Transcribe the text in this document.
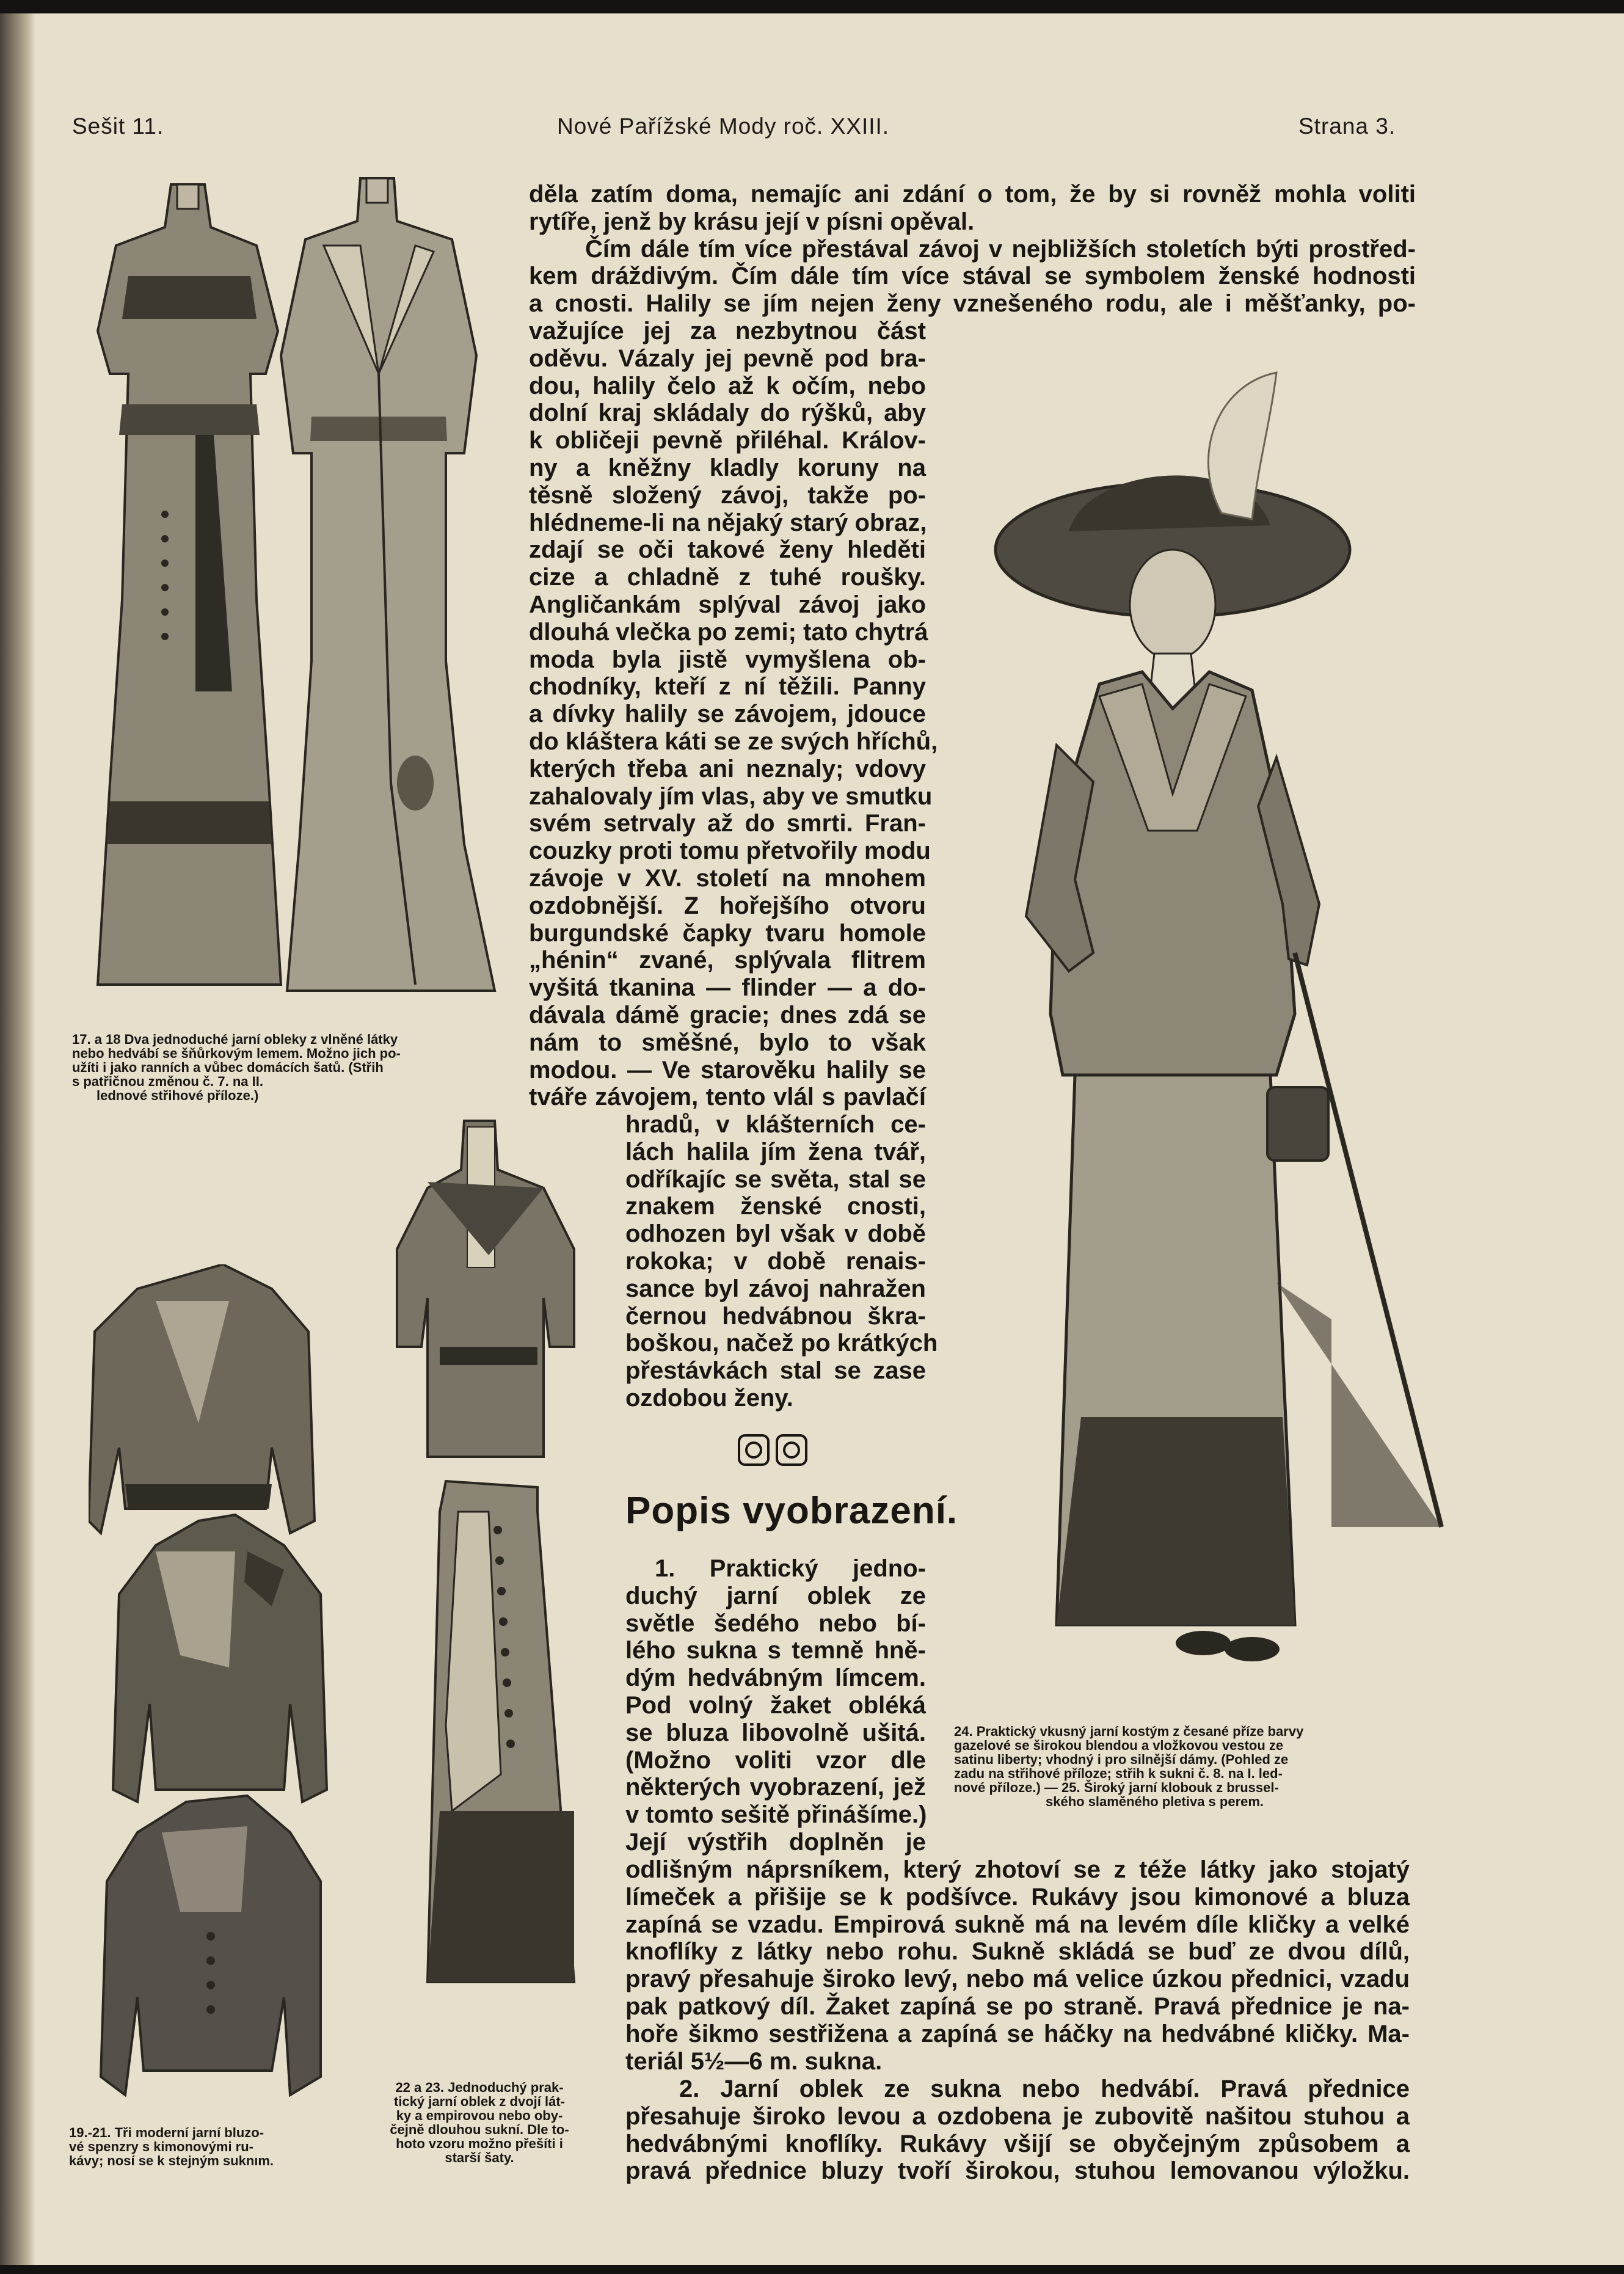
Sešit 11.	Nové Pařížské Mody roč. XXIII.	Strana 3.
17. a 18 Dva jednoduché jarní obleky z vlněné látky
nebo hedvábí se šňůrkovým lemem. Možno jich po-
užíti i jako ranních a vůbec domácích šatů. (Střih
s patřičnou změnou č. 7. na II.
lednové střihové příloze.)
19.-21. Tři moderní jarní bluzo-
vé spenzry s kimonovými ru-
kávy; nosí se k stejným suknım.
22 a 23. Jednoduchý prak-
tický jarní oblek z dvojí lát-
ky a empirovou nebo oby-
čejně dlouhou sukní. Dle to-
hoto vzoru možno přešíti i
starší šaty.
24. Praktický vkusný jarní kostým z česané příze barvy
gazelové se širokou blendou a vložkovou vestou ze
satinu liberty; vhodný i pro silnější dámy. (Pohled ze
zadu na střihové příloze; střih k sukni č. 8. na I. led-
nové příloze.) — 25. Široký jarní klobouk z brussel-
ského slaměného pletiva s perem.
děla zatím doma, nemajíc ani zdání o tom, že by si rovněž mohla voliti
rytíře, jenž by krásu její v písni opěval.
Čím dále tím více přestával závoj v nejbližších stoletích býti prostřed-
kem dráždivým. Čím dále tím více stával se symbolem ženské hodnosti
a cnosti. Halily se jím nejen ženy vznešeného rodu, ale i měšťanky, po-
važujíce jej za nezbytnou část
oděvu. Vázaly jej pevně pod bra-
dou, halily čelo až k očím, nebo
dolní kraj skládaly do rýšků, aby
k obličeji pevně přiléhal. Králov-
ny a kněžny kladly koruny na
těsně složený závoj, takže po-
hlédneme-li na nějaký starý obraz,
zdají se oči takové ženy hleděti
cize a chladně z tuhé roušky.
Angličankám splýval závoj jako
dlouhá vlečka po zemi; tato chytrá
moda byla jistě vymyšlena ob-
chodníky, kteří z ní těžili. Panny
a dívky halily se závojem, jdouce
do kláštera káti se ze svých hříchů,
kterých třeba ani neznaly; vdovy
zahalovaly jím vlas, aby ve smutku
svém setrvaly až do smrti. Fran-
couzky proti tomu přetvořily modu
závoje v XV. století na mnohem
ozdobnější. Z hořejšího otvoru
burgundské čapky tvaru homole
„hénin“ zvané, splývala flitrem
vyšitá tkanina — flinder — a do-
dávala dámě gracie; dnes zdá se
nám to směšné, bylo to však
modou. — Ve starověku halily se
tváře závojem, tento vlál s pavlačí
hradů, v klášterních ce-
lách halila jím žena tvář,
odříkajíc se světa, stal se
znakem ženské cnosti,
odhozen byl však v době
rokoka; v době renais-
sance byl závoj nahražen
černou hedvábnou škra-
boškou, načež po krátkých
přestávkách stal se zase
ozdobou ženy.
Popis vyobrazení.
1. Praktický jedno-
duchý jarní oblek ze
světle šedého nebo bí-
lého sukna s temně hně-
dým hedvábným límcem.
Pod volný žaket obléká
se bluza libovolně ušitá.
(Možno voliti vzor dle
některých vyobrazení, jež
v tomto sešitě přinášíme.)
Její výstřih doplněn je
odlišným náprsníkem, který zhotoví se z téže látky jako stojatý
límeček a přišije se k podšívce. Rukávy jsou kimonové a bluza
zapíná se vzadu. Empirová sukně má na levém díle kličky a velké
knoflíky z látky nebo rohu. Sukně skládá se buď ze dvou dílů,
pravý přesahuje široko levý, nebo má velice úzkou přednici, vzadu
pak patkový díl. Žaket zapíná se po straně. Pravá přednice je na-
hoře šikmo sestřižena a zapíná se háčky na hedvábné kličky. Ma-
teriál 5½—6 m. sukna.
2. Jarní oblek ze sukna nebo hedvábí. Pravá přednice
přesahuje široko levou a ozdobena je zubovitě našitou stuhou a
hedvábnými knoflíky. Rukávy všijí se obyčejným způsobem a
pravá přednice bluzy tvoří širokou, stuhou lemovanou výložku.
